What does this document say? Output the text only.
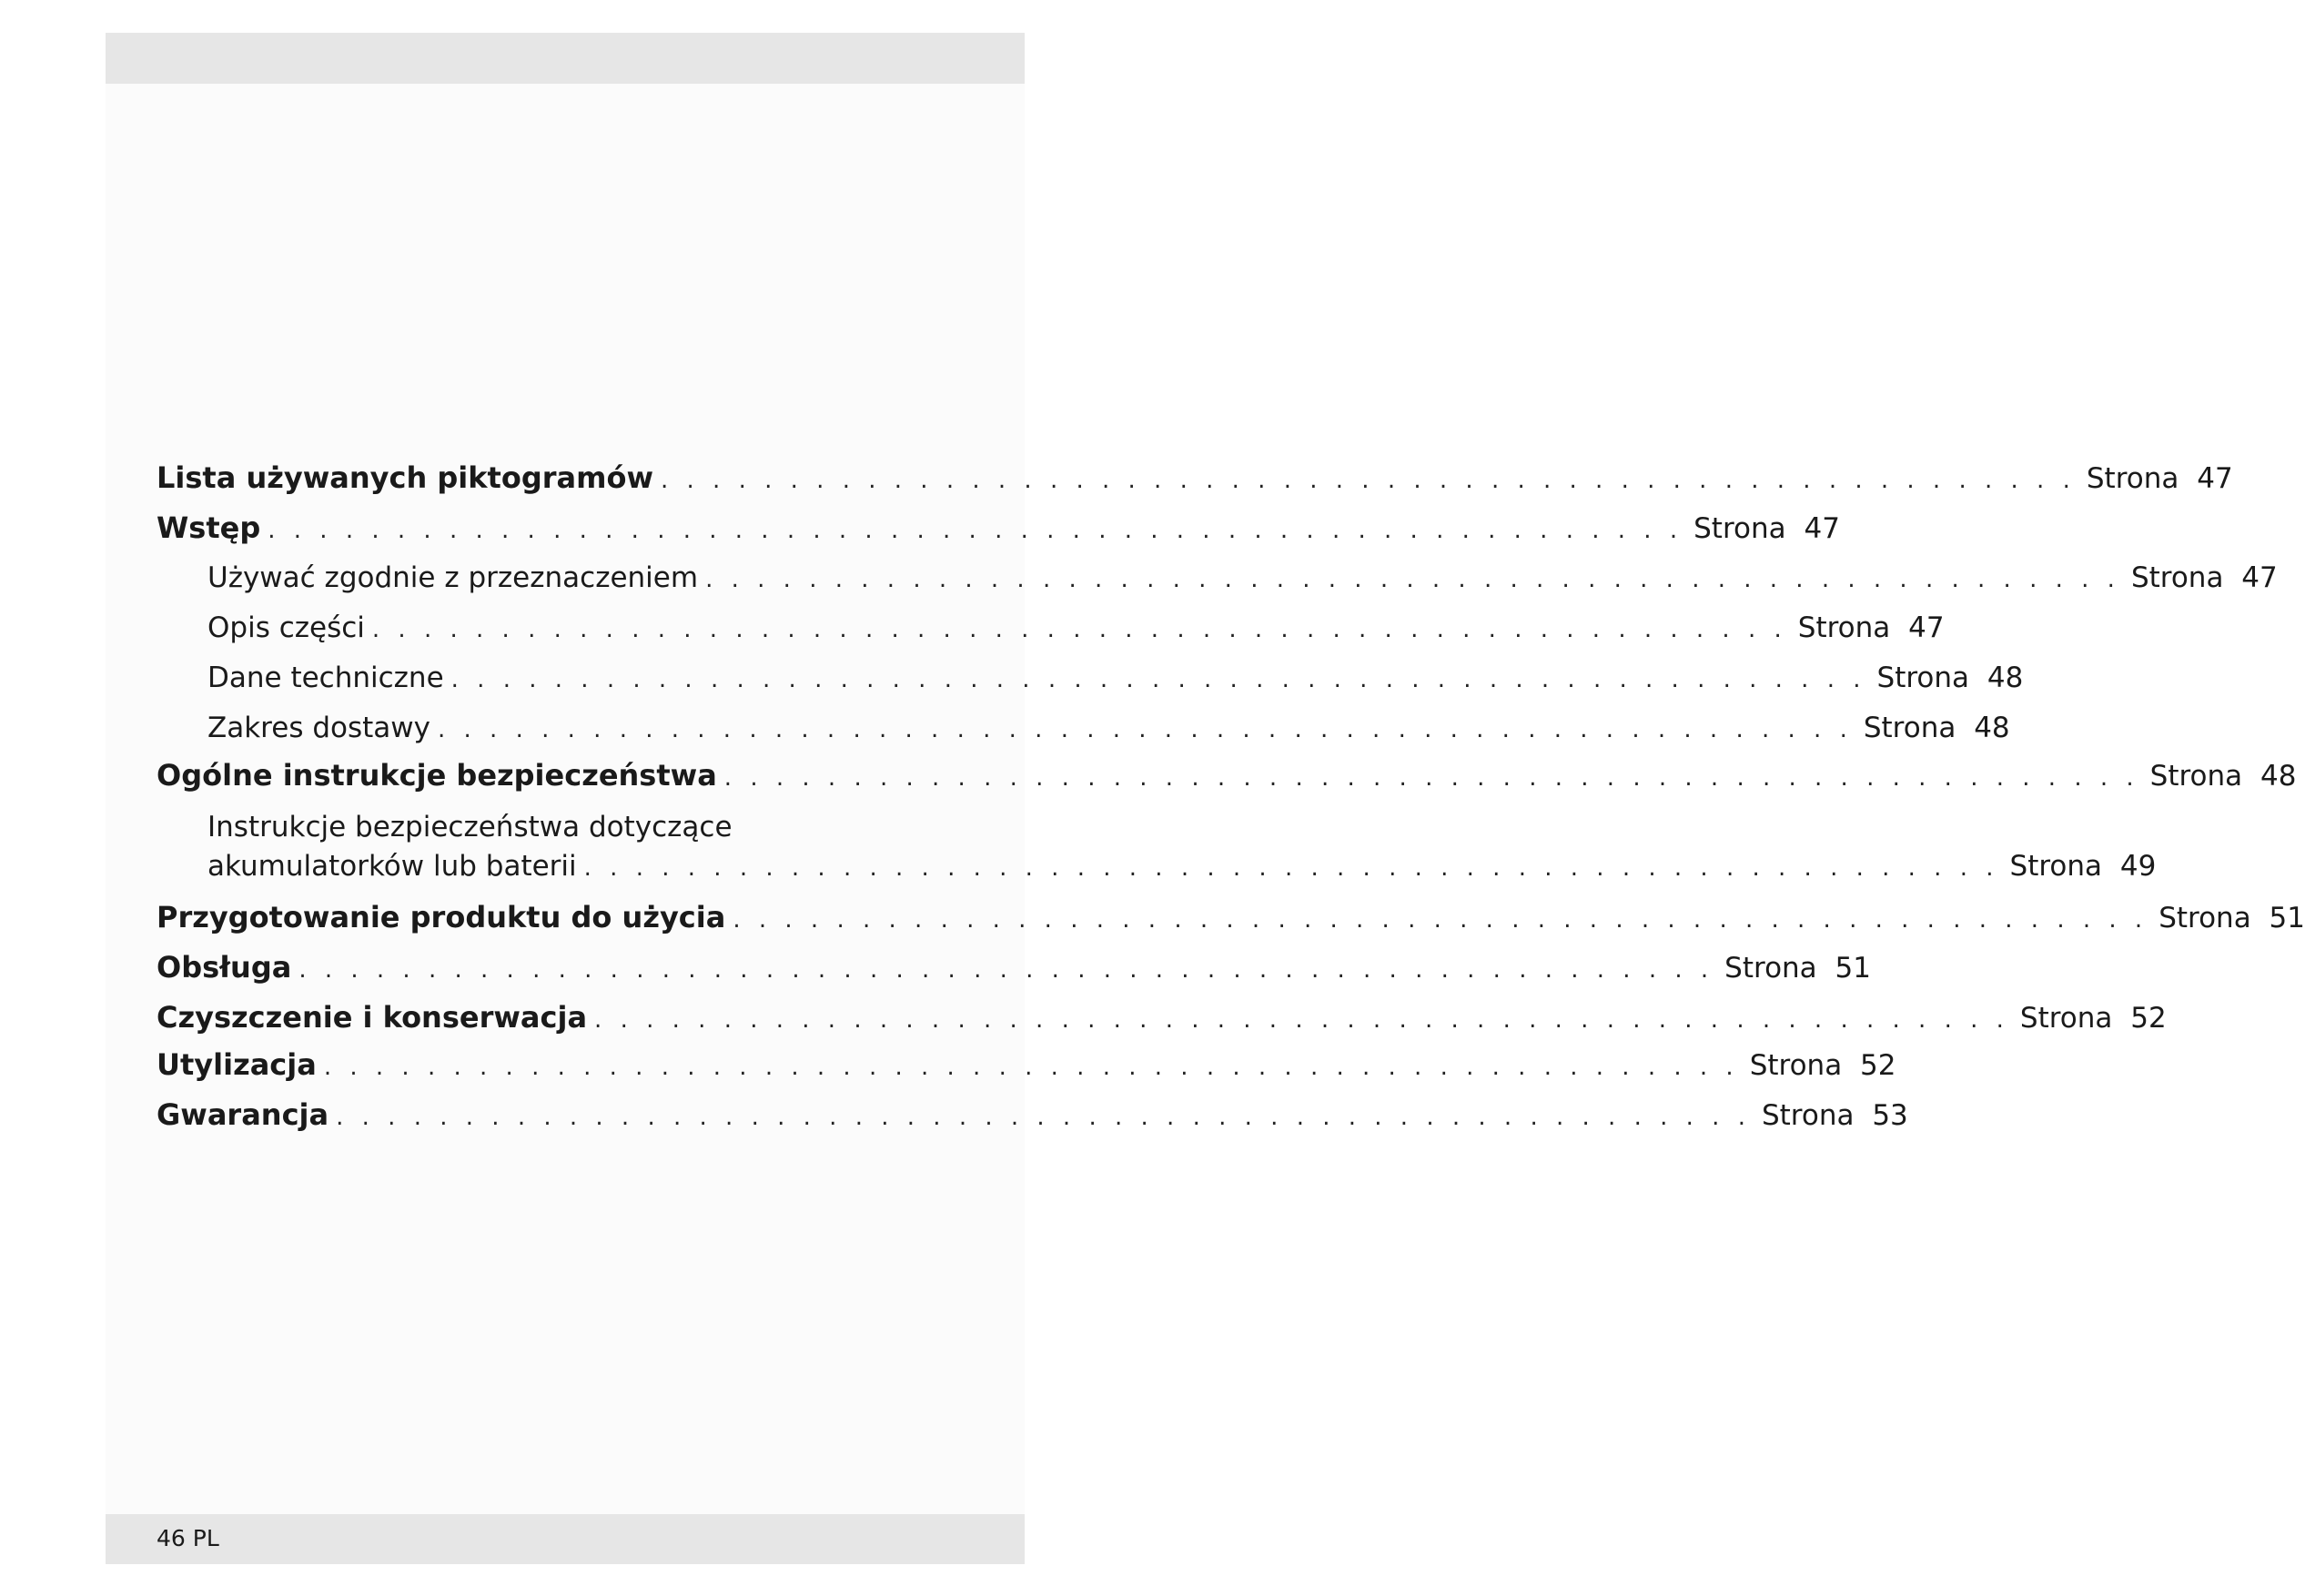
Lista używanych piktogramów . . . . . . . . . . . . . . . . . . . . . . . . . . . . . . . . . . . . . . . . . . . . . . . . . . . . . . . Strona 47
Wstęp . . . . . . . . . . . . . . . . . . . . . . . . . . . . . . . . . . . . . . . . . . . . . . . . . . . . . . . Strona 47
Używać zgodnie z przeznaczeniem . . . . . . . . . . . . . . . . . . . . . . . . . . . . . . . . . . . . . . . . . . . . . . . . . . . . . . . Strona 47
Opis części . . . . . . . . . . . . . . . . . . . . . . . . . . . . . . . . . . . . . . . . . . . . . . . . . . . . . . . Strona 47
Dane techniczne . . . . . . . . . . . . . . . . . . . . . . . . . . . . . . . . . . . . . . . . . . . . . . . . . . . . . . . Strona 48
Zakres dostawy . . . . . . . . . . . . . . . . . . . . . . . . . . . . . . . . . . . . . . . . . . . . . . . . . . . . . . . Strona 48
Ogólne instrukcje bezpieczeństwa . . . . . . . . . . . . . . . . . . . . . . . . . . . . . . . . . . . . . . . . . . . . . . . . . . . . . . . Strona 48
Instrukcje bezpieczeństwa dotyczące
akumulatorków lub baterii . . . . . . . . . . . . . . . . . . . . . . . . . . . . . . . . . . . . . . . . . . . . . . . . . . . . . . . Strona 49
Przygotowanie produktu do użycia . . . . . . . . . . . . . . . . . . . . . . . . . . . . . . . . . . . . . . . . . . . . . . . . . . . . . . . Strona 51
Obsługa . . . . . . . . . . . . . . . . . . . . . . . . . . . . . . . . . . . . . . . . . . . . . . . . . . . . . . . Strona 51
Czyszczenie i konserwacja . . . . . . . . . . . . . . . . . . . . . . . . . . . . . . . . . . . . . . . . . . . . . . . . . . . . . . . Strona 52
Utylizacja . . . . . . . . . . . . . . . . . . . . . . . . . . . . . . . . . . . . . . . . . . . . . . . . . . . . . . . Strona 52
Gwarancja . . . . . . . . . . . . . . . . . . . . . . . . . . . . . . . . . . . . . . . . . . . . . . . . . . . . . . . Strona 53
46 PL
